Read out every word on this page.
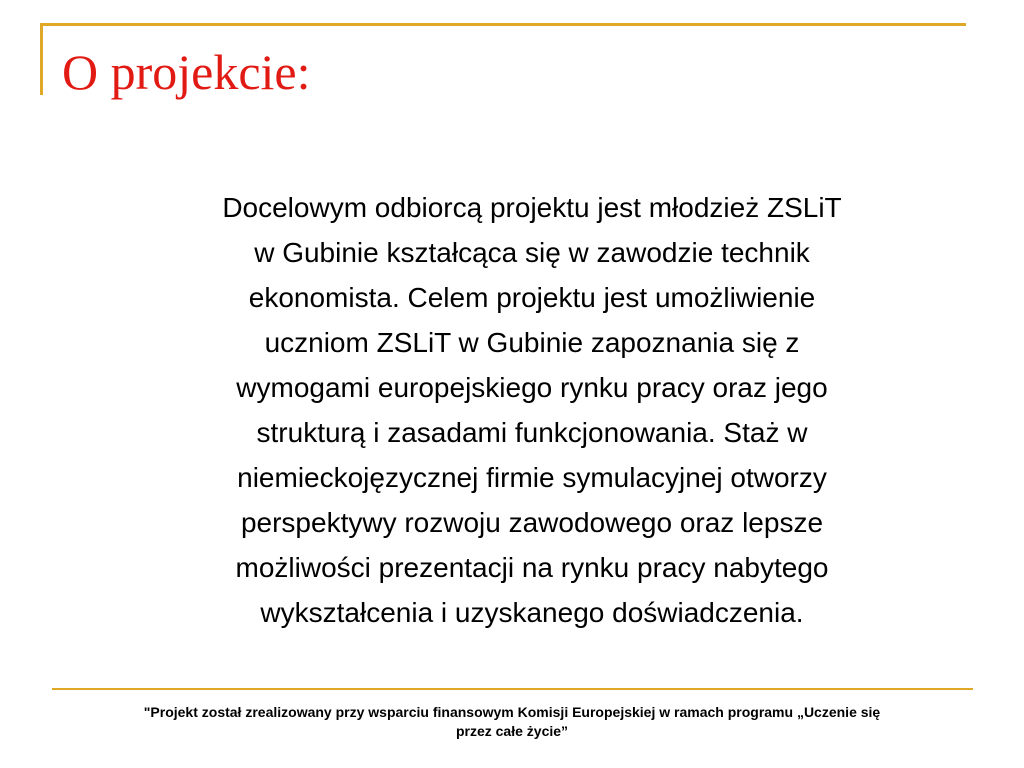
O projekcie:

Docelowym odbiorcą projektu jest młodzież ZSLiT
w Gubinie kształcąca się w zawodzie technik
ekonomista. Celem projektu jest umożliwienie
uczniom ZSLiT w Gubinie zapoznania się z
wymogami europejskiego rynku pracy oraz jego
strukturą i zasadami funkcjonowania. Staż w
niemieckojęzycznej firmie symulacyjnej otworzy
perspektywy rozwoju zawodowego oraz lepsze
możliwości prezentacji na rynku pracy nabytego
wykształcenia i uzyskanego doświadczenia.

"Projekt został zrealizowany przy wsparciu finansowym Komisji Europejskiej w ramach programu „Uczenie się
przez całe życie”
